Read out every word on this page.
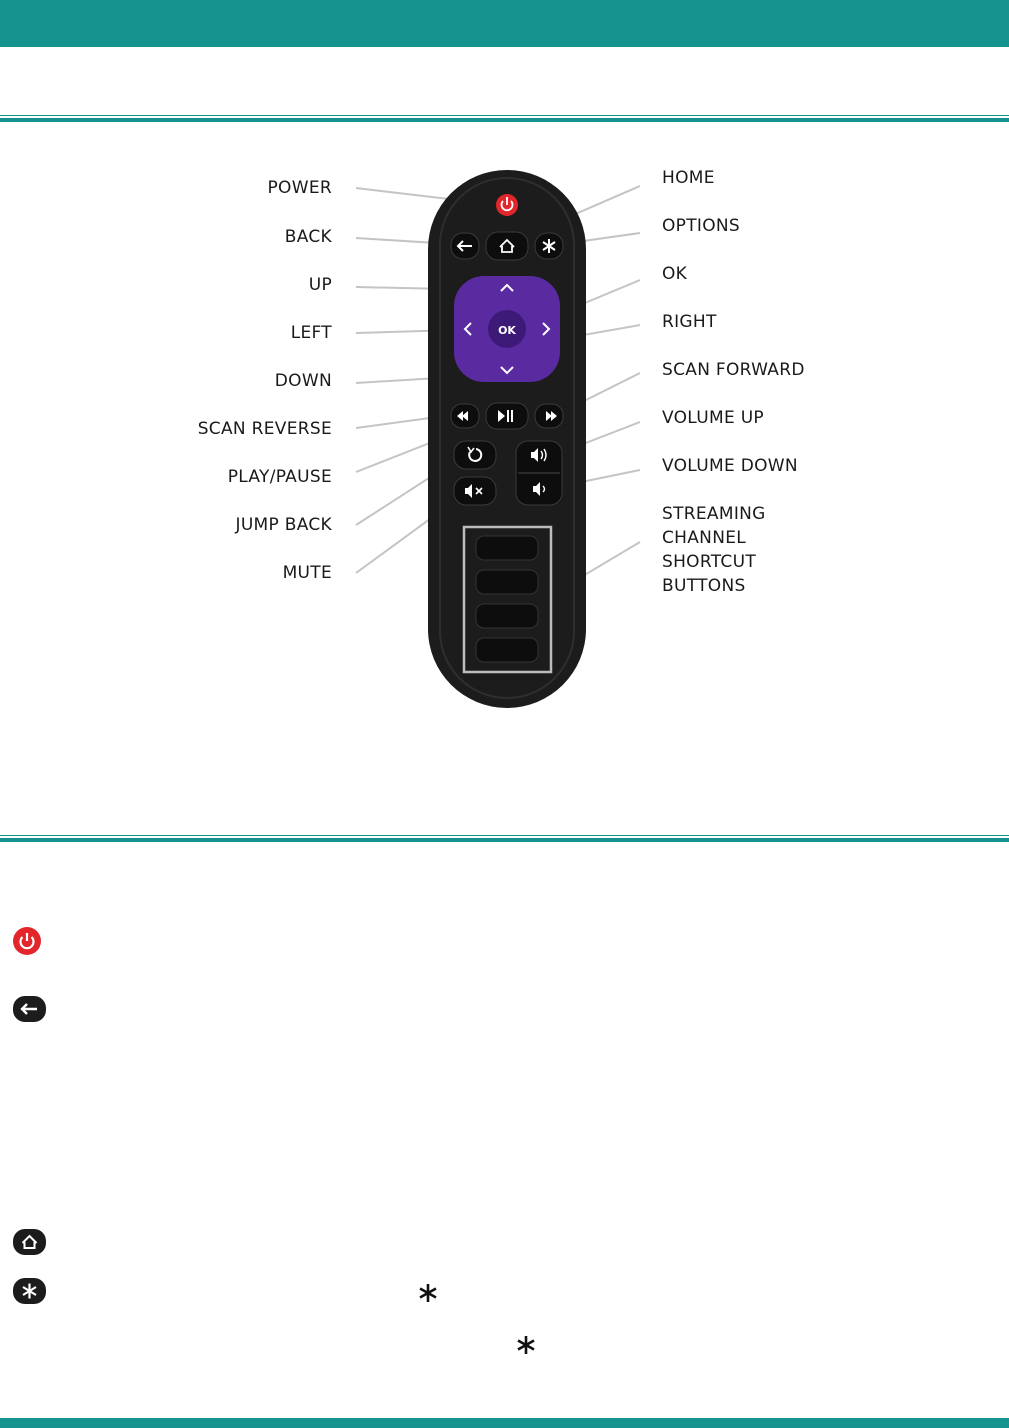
OK
POWER
BACK
UP
LEFT
DOWN
SCAN REVERSE
PLAY/PAUSE
JUMP BACK
MUTE
HOME
OPTIONS
OK
RIGHT
SCAN FORWARD
VOLUME UP
VOLUME DOWN
STREAMING
CHANNEL
SHORTCUT
BUTTONS
